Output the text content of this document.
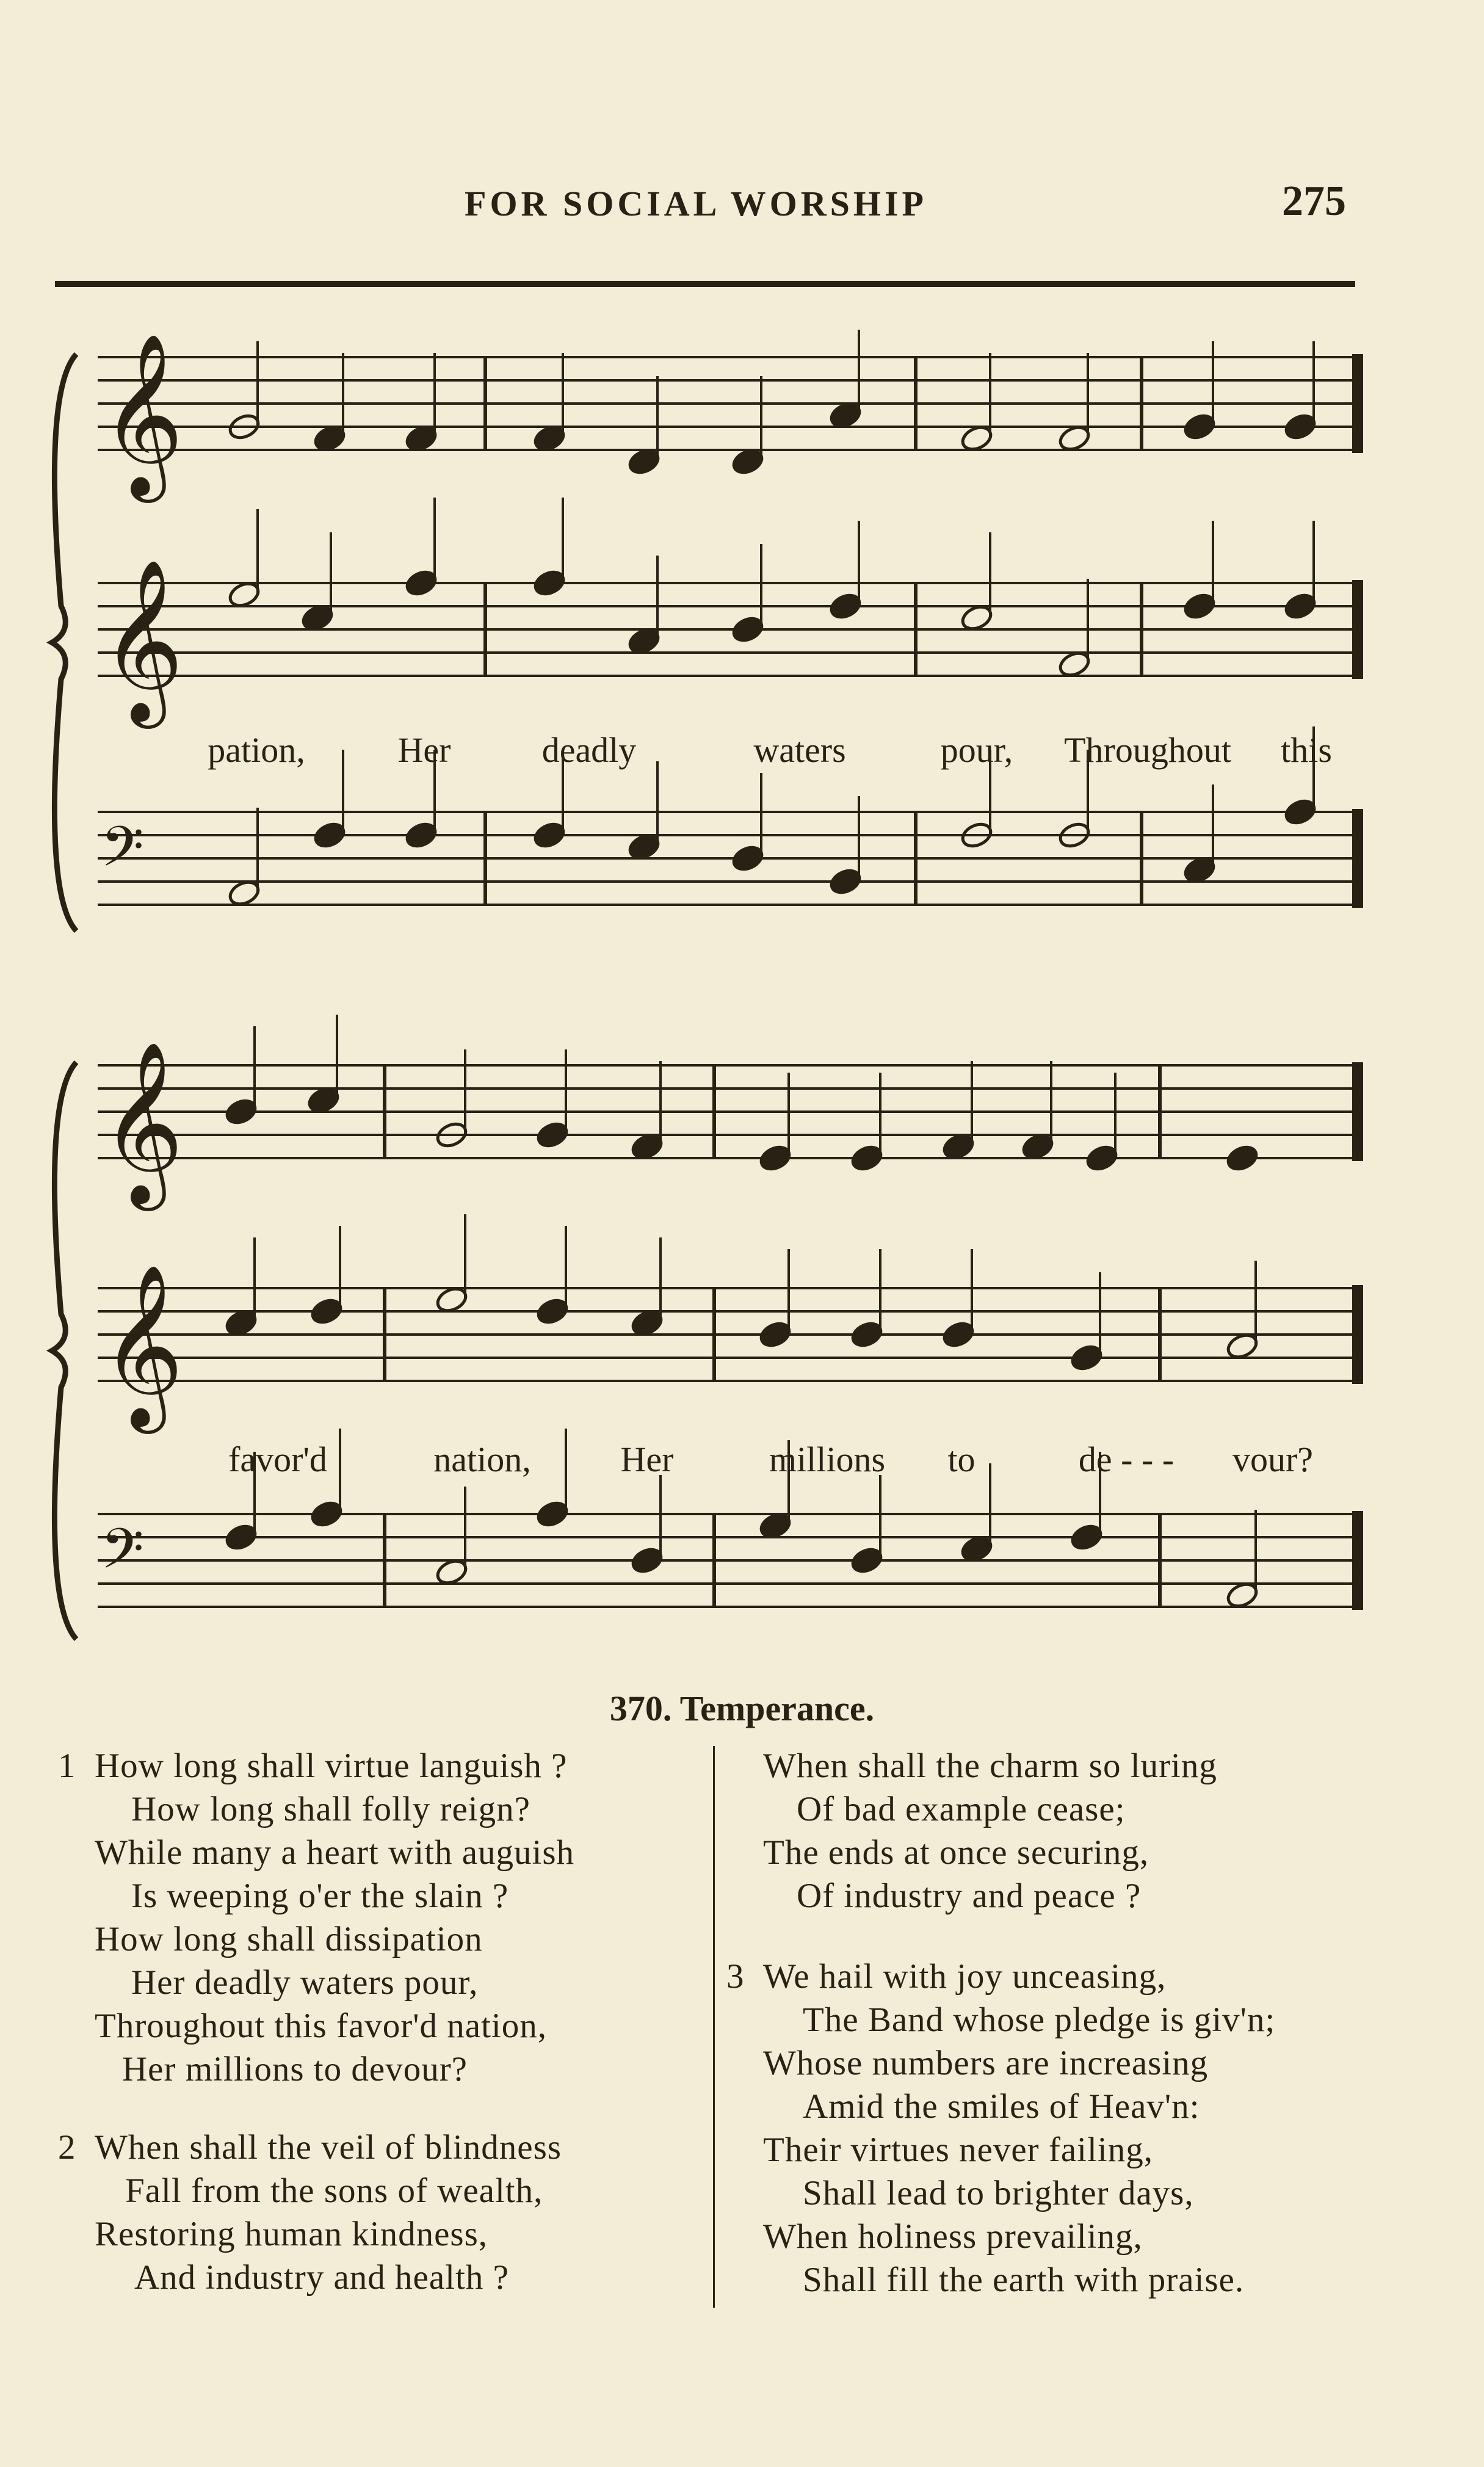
FOR SOCIAL WORSHIP	275
𝄞
𝄞
𝄢
𝄞
𝄞
𝄢
pation,	Her	deadly	waters	pour, Throughout this
favor'd	nation,	Her	millions to	de - - - vour?
370. Temperance.
1 How long shall virtue languish ?
How long shall folly reign?
While many a heart with auguish
Is weeping o'er the slain ?
How long shall dissipation
Her deadly waters pour,
Throughout this favor'd nation,
Her millions to devour?
2 When shall the veil of blindness
Fall from the sons of wealth,
Restoring human kindness,
And industry and health ?
When shall the charm so luring
Of bad example cease;
The ends at once securing,
Of industry and peace ?
3 We hail with joy unceasing,
The Band whose pledge is giv'n;
Whose numbers are increasing
Amid the smiles of Heav'n:
Their virtues never failing,
Shall lead to brighter days,
When holiness prevailing,
Shall fill the earth with praise.
